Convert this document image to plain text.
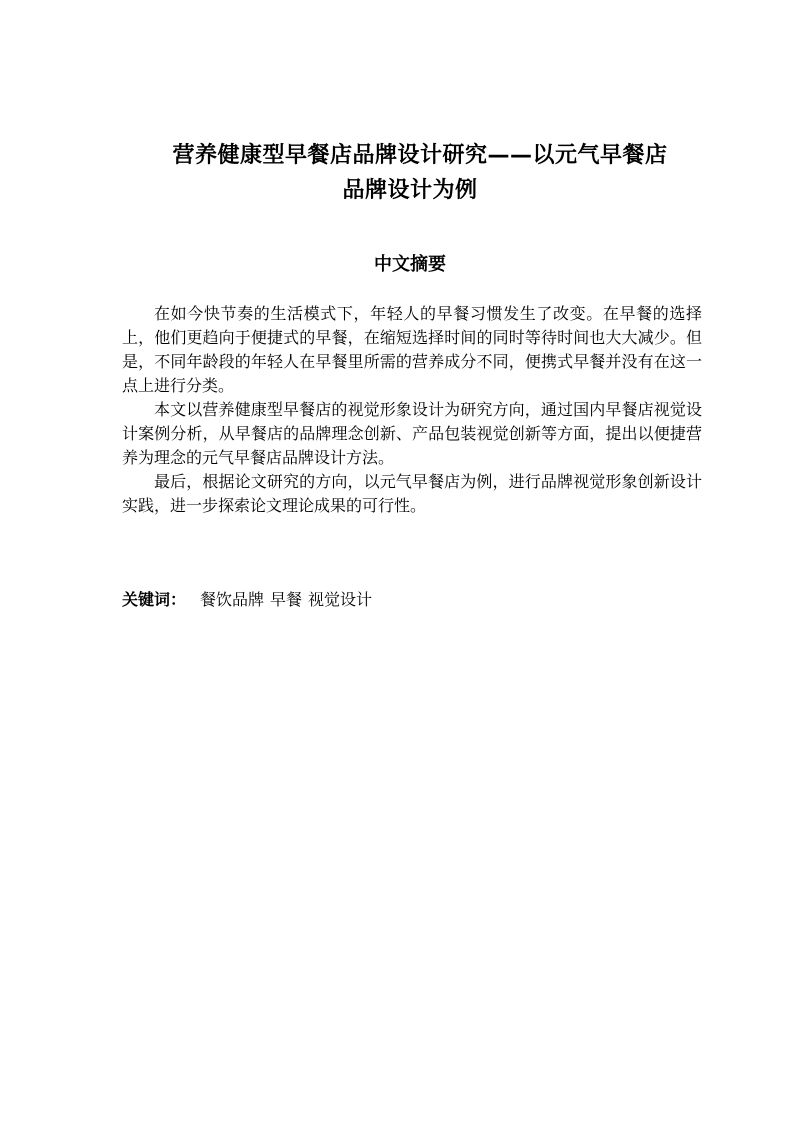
营养健康型早餐店品牌设计研究——以元气早餐店
品牌设计为例
中文摘要

在如今快节奏的生活模式下，年轻人的早餐习惯发生了改变。在早餐的选择上，他们更趋向于便捷式的早餐，在缩短选择时间的同时等待时间也大大减少。但是，不同年龄段的年轻人在早餐里所需的营养成分不同，便携式早餐并没有在这一点上进行分类。

本文以营养健康型早餐店的视觉形象设计为研究方向，通过国内早餐店视觉设计案例分析，从早餐店的品牌理念创新、产品包装视觉创新等方面，提出以便捷营养为理念的元气早餐店品牌设计方法。

最后，根据论文研究的方向，以元气早餐店为例，进行品牌视觉形象创新设计实践，进一步探索论文理论成果的可行性。

关键词： 餐饮品牌 早餐 视觉设计
